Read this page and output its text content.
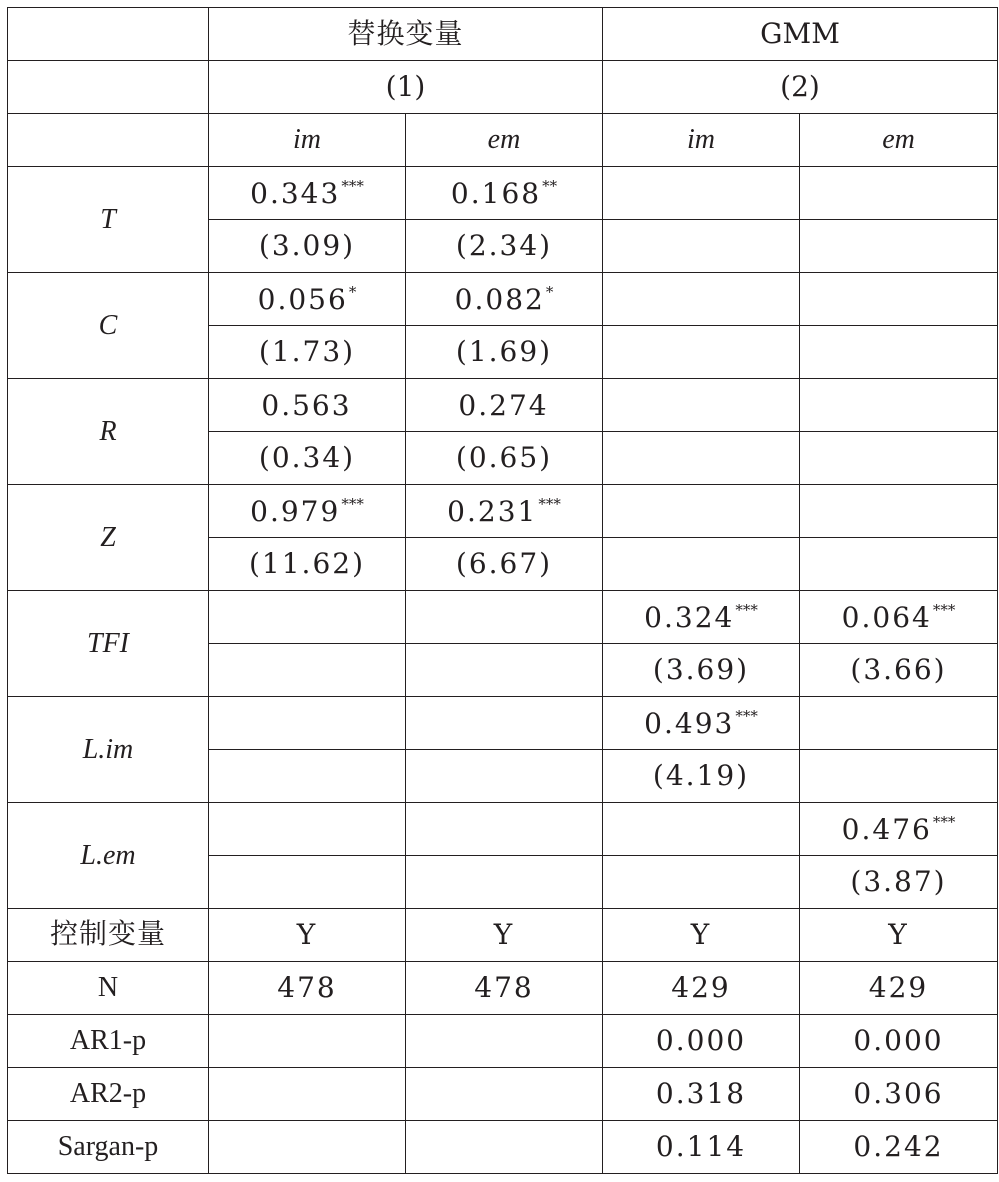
	替换变量		GMM	
	(1)		(2)	
	im	em	im	em
T	0.343***	0.168**		
	(3.09)	(2.34)		
C	0.056*	0.082*		
	(1.73)	(1.69)		
R	0.563	0.274		
	(0.34)	(0.65)		
Z	0.979***	0.231***		
	(11.62)	(6.67)		
TFI			0.324***	0.064***
			(3.69)	(3.66)
L.im			0.493***	
			(4.19)	
L.em				0.476***
				(3.87)
控制变量	Y	Y	Y	Y
N	478	478	429	429
AR1-p			0.000	0.000
AR2-p			0.318	0.306
Sargan-p			0.114	0.242
